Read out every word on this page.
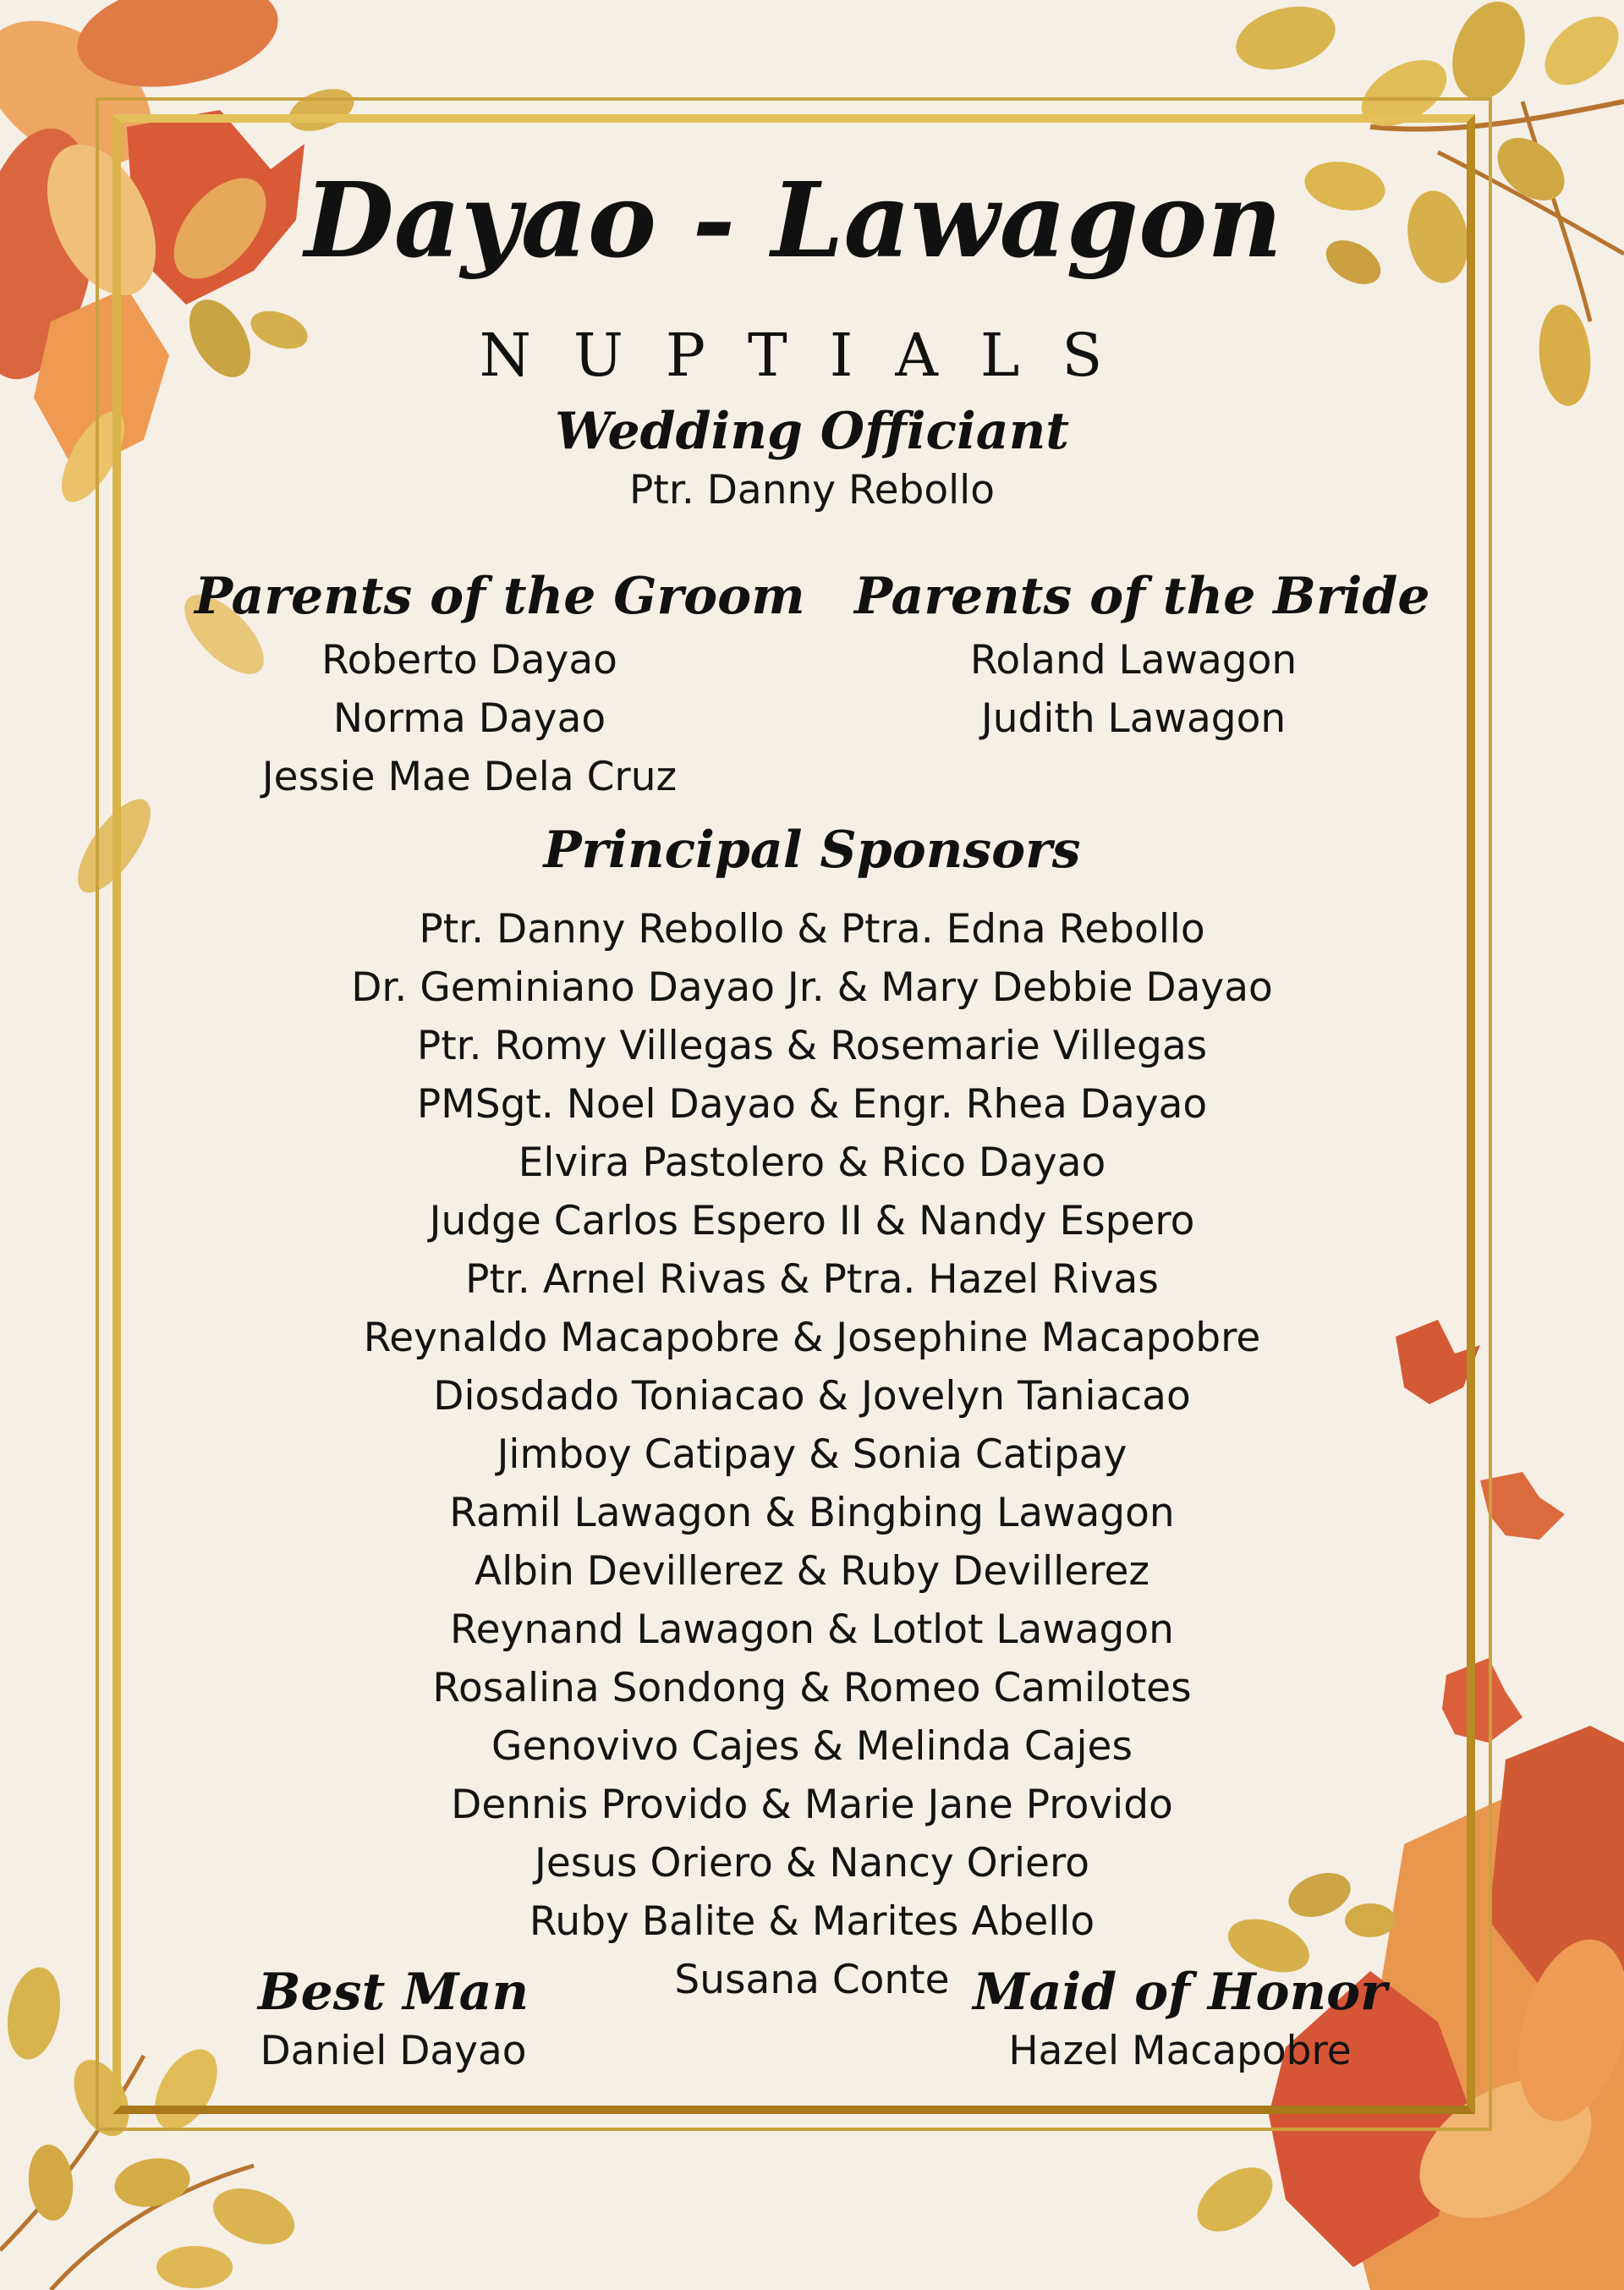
Dayao - Lawagon
NUPTIALS
Wedding Officiant
Ptr. Danny Rebollo
Parents of the Groom
Roberto Dayao
Norma Dayao
Jessie Mae Dela Cruz
Parents of the Bride
Roland Lawagon
Judith Lawagon
Principal Sponsors
Ptr. Danny Rebollo & Ptra. Edna Rebollo
Dr. Geminiano Dayao Jr. & Mary Debbie Dayao
Ptr. Romy Villegas & Rosemarie Villegas
PMSgt. Noel Dayao & Engr. Rhea Dayao
Elvira Pastolero & Rico Dayao
Judge Carlos Espero II & Nandy Espero
Ptr. Arnel Rivas & Ptra. Hazel Rivas
Reynaldo Macapobre & Josephine Macapobre
Diosdado Toniacao & Jovelyn Taniacao
Jimboy Catipay & Sonia Catipay
Ramil Lawagon & Bingbing Lawagon
Albin Devillerez & Ruby Devillerez
Reynand Lawagon & Lotlot Lawagon
Rosalina Sondong & Romeo Camilotes
Genovivo Cajes & Melinda Cajes
Dennis Provido & Marie Jane Provido
Jesus Oriero & Nancy Oriero
Ruby Balite & Marites Abello
Susana Conte
Best Man
Daniel Dayao
Maid of Honor
Hazel Macapobre
